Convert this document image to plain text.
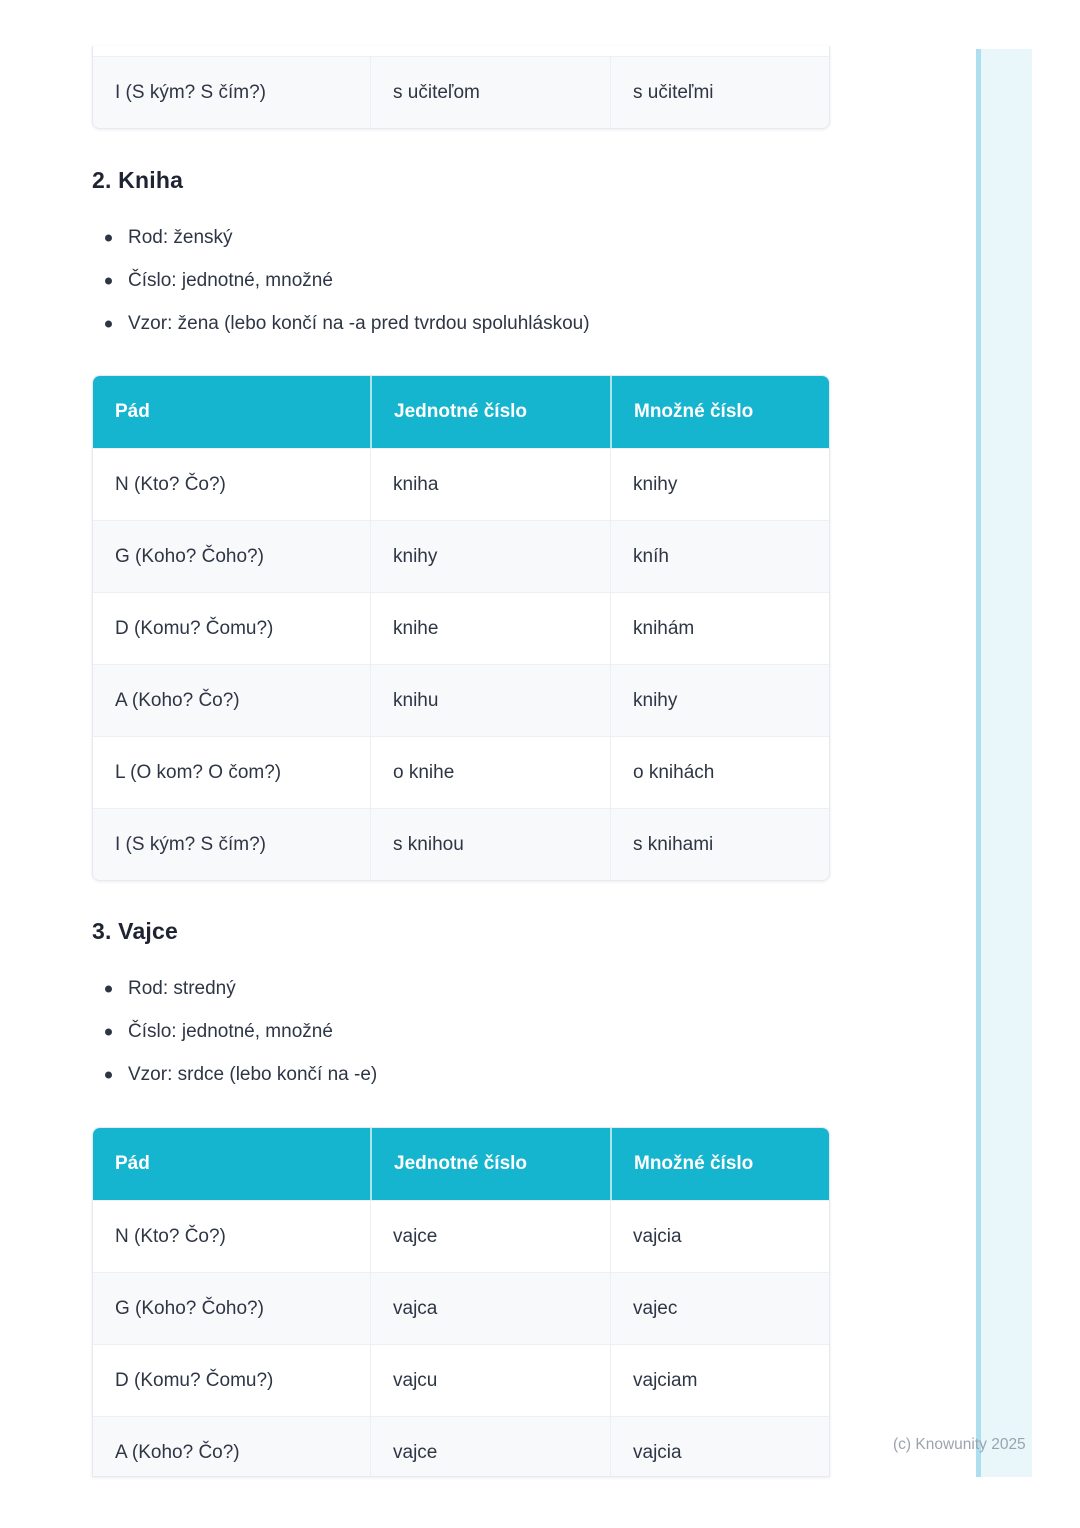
I (S kým? S čím?)	s učiteľom	s učiteľmi
2. Kniha
Rod: ženský
Číslo: jednotné, množné
Vzor: žena (lebo končí na -a pred tvrdou spoluhláskou)
Pád	Jednotné číslo	Množné číslo
N (Kto? Čo?)	kniha	knihy
G (Koho? Čoho?)	knihy	kníh
D (Komu? Čomu?)	knihe	knihám
A (Koho? Čo?)	knihu	knihy
L (O kom? O čom?)	o knihe	o knihách
I (S kým? S čím?)	s knihou	s knihami
3. Vajce
Rod: stredný
Číslo: jednotné, množné
Vzor: srdce (lebo končí na -e)
Pád	Jednotné číslo	Množné číslo
N (Kto? Čo?)	vajce	vajcia
G (Koho? Čoho?)	vajca	vajec
D (Komu? Čomu?)	vajcu	vajciam
A (Koho? Čo?)	vajce	vajcia	(c) Knowunity 2025
